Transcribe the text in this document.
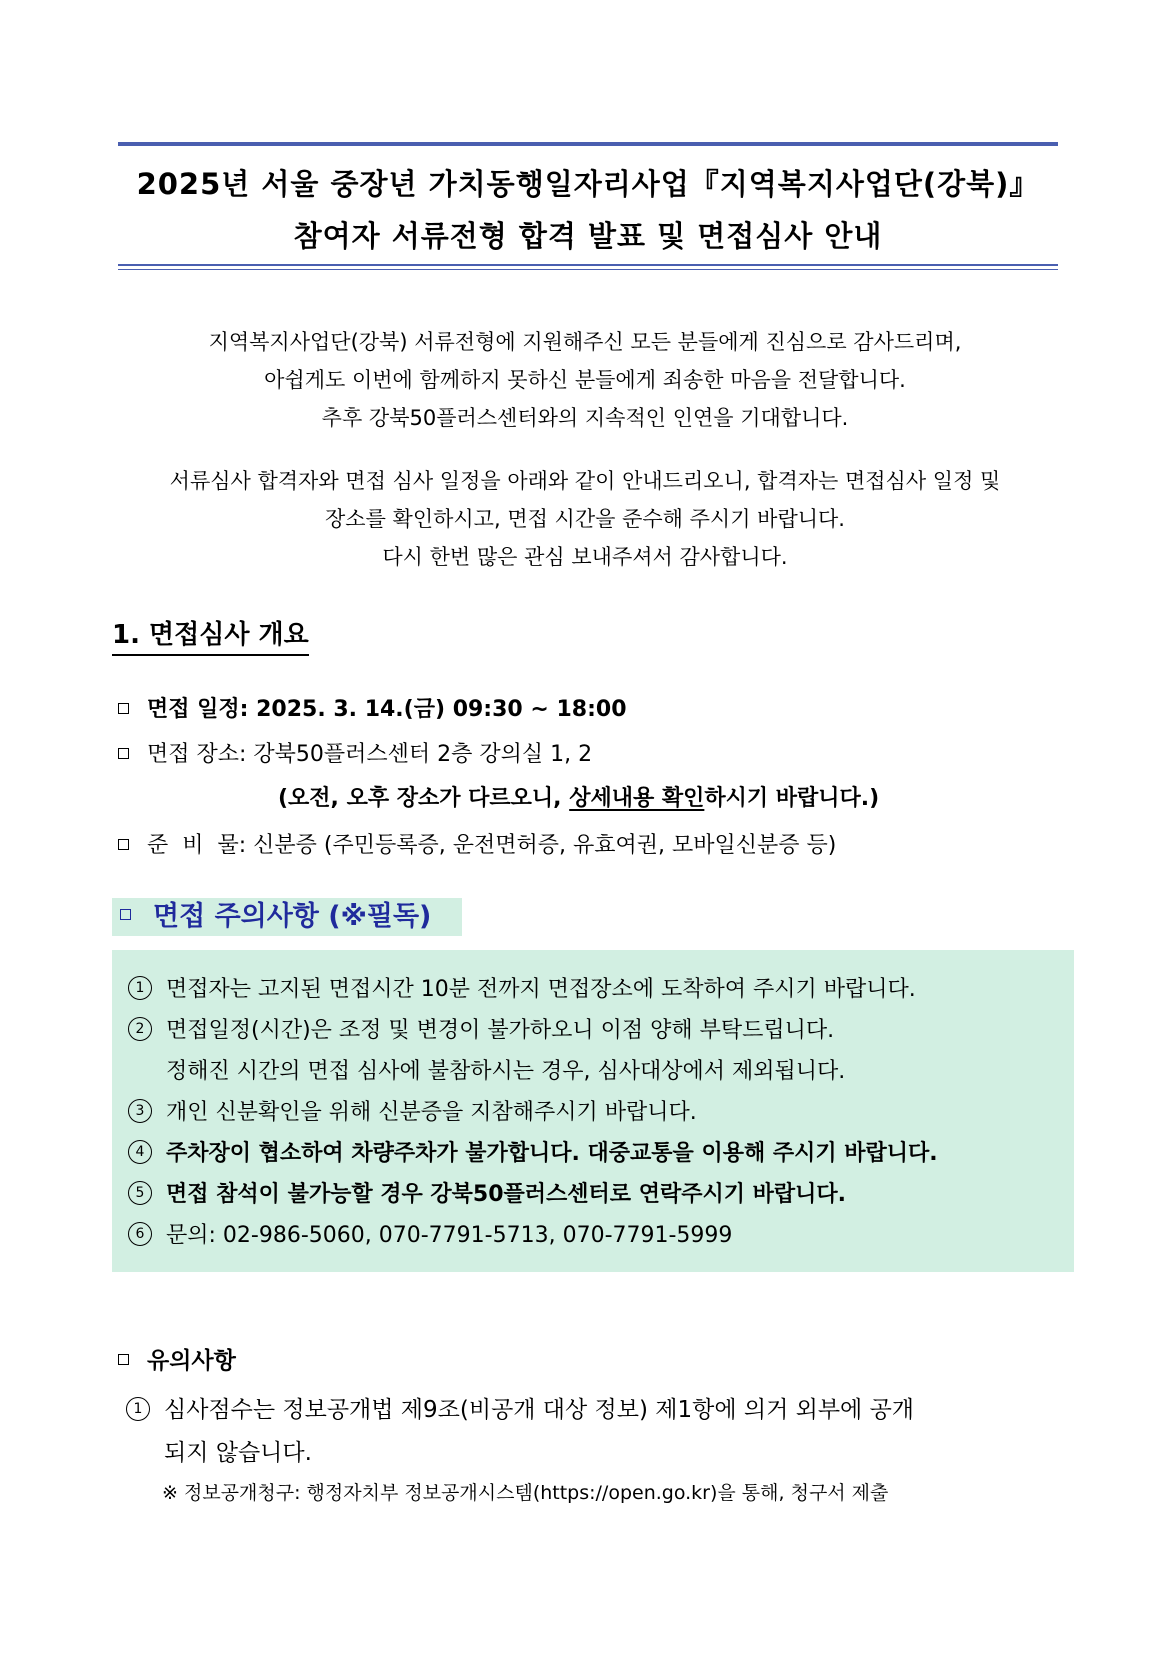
2025년 서울 중장년 가치동행일자리사업『지역복지사업단(강북)』
참여자 서류전형 합격 발표 및 면접심사 안내
지역복지사업단(강북) 서류전형에 지원해주신 모든 분들에게 진심으로 감사드리며,
아쉽게도 이번에 함께하지 못하신 분들에게 죄송한 마음을 전달합니다.
추후 강북50플러스센터와의 지속적인 인연을 기대합니다.
서류심사 합격자와 면접 심사 일정을 아래와 같이 안내드리오니, 합격자는 면접심사 일정 및
장소를 확인하시고, 면접 시간을 준수해 주시기 바랍니다.
다시 한번 많은 관심 보내주셔서 감사합니다.
1. 면접심사 개요
면접 일정: 2025. 3. 14.(금) 09:30 ~ 18:00
면접 장소: 강북50플러스센터 2층 강의실 1, 2
(오전, 오후 장소가 다르오니, 상세내용 확인하시기 바랍니다.)
준  비  물: 신분증 (주민등록증, 운전면허증, 유효여권, 모바일신분증 등)
면접 주의사항 (※필독)
1 면접자는 고지된 면접시간 10분 전까지 면접장소에 도착하여 주시기 바랍니다.
2 면접일정(시간)은 조정 및 변경이 불가하오니 이점 양해 부탁드립니다.
정해진 시간의 면접 심사에 불참하시는 경우, 심사대상에서 제외됩니다.
3 개인 신분확인을 위해 신분증을 지참해주시기 바랍니다.
4 주차장이 협소하여 차량주차가 불가합니다. 대중교통을 이용해 주시기 바랍니다.
5 면접 참석이 불가능할 경우 강북50플러스센터로 연락주시기 바랍니다.
6 문의: 02-986-5060, 070-7791-5713, 070-7791-5999
유의사항
1 심사점수는 정보공개법 제9조(비공개 대상 정보) 제1항에 의거 외부에 공개
되지 않습니다.
※ 정보공개청구: 행정자치부 정보공개시스템(https://open.go.kr)을 통해, 청구서 제출
